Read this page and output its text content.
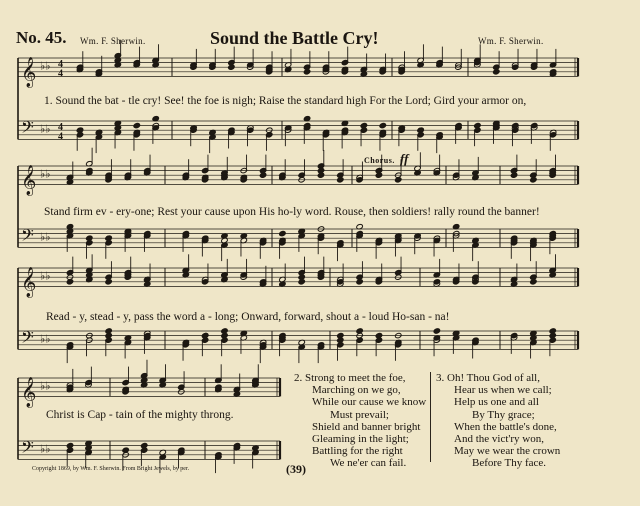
No. 45. Wm. F. Sherwin.	Sound the Battle Cry!	Wm. F. Sherwin.
𝄞 ♭♭ 4
4
𝄢 ♭♭ 4
4
𝄞 ♭♭
𝄢 ♭♭
𝄞 ♭♭
𝄢 ♭♭
𝄞 ♭♭
𝄢 ♭♭
1. Sound the bat - tle cry! See! the foe is nigh; Raise the standard high For the Lord; Gird your armor on,
Stand firm ev - ery-one; Rest your cause upon His ho-ly word. Rouse, then soldiers! rally round the banner!
Read - y, stead - y, pass the word a - long; Onward, forward, shout a - loud Ho-san - na!
Christ is Cap - tain of the mighty throng.
Chorus. ff
2. Strong to meet the foe,
Marching on we go,
While our cause we know
Must prevail;
Shield and banner bright
Gleaming in the light;
Battling for the right
We ne'er can fail.
3. Oh! Thou God of all,
Hear us when we call;
Help us one and all
By Thy grace;
When the battle's done,
And the vict'ry won,
May we wear the crown
Before Thy face.
Copyright 1869, by Wm. F. Sherwin. From Bright Jewels, by per.	(39)
